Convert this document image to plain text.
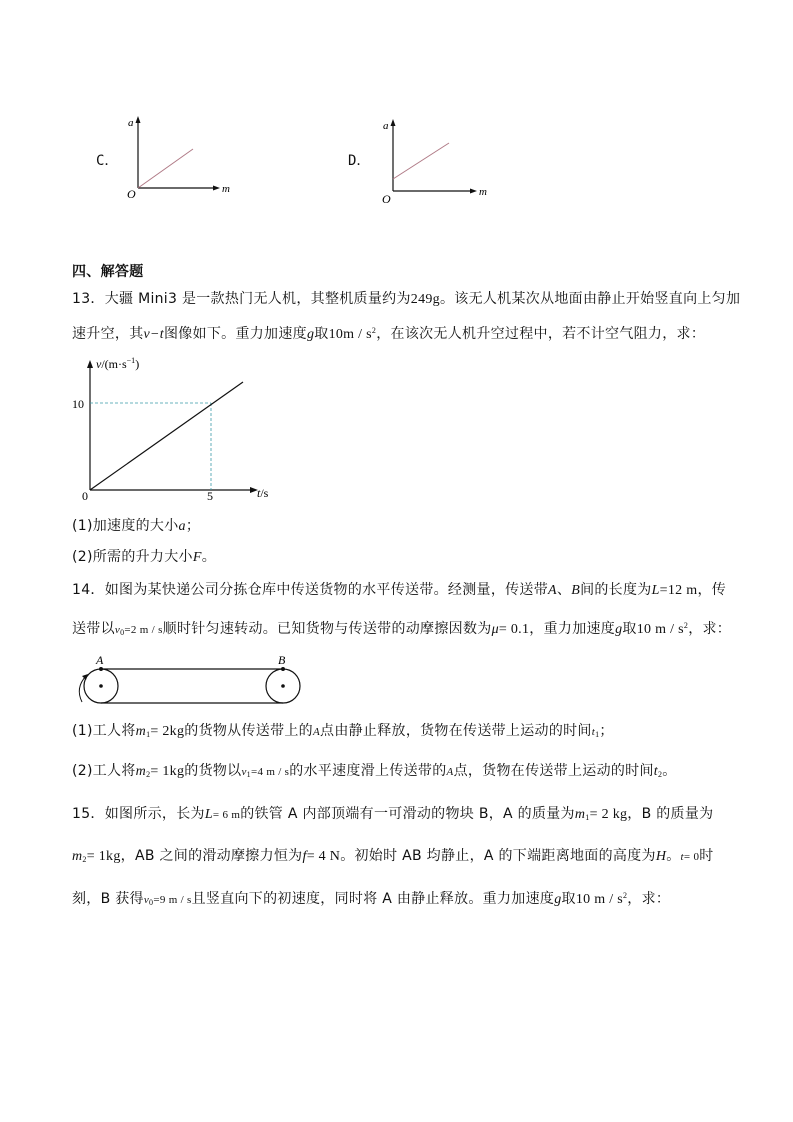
C．
a
m
O
D．
a
m
O
四、解答题
13．大疆 Mini3 是一款热门无人机，其整机质量约为249g。该无人机某次从地面由静止开始竖直向上匀加
速升空，其v−t图像如下。重力加速度g取$10m / s^2$，在该次无人机升空过程中，若不计空气阻力，求：
$v/(m\cdot s^{-1})$
10
0	5	t/s
(1)加速度的大小a；
(2)所需的升力大小F。
14．如图为某快递公司分拣仓库中传送货物的水平传送带。经测量，传送带A、B间的长度为L=12 m，传
送带以$v_0=2$ m / s顺时针匀速转动。已知货物与传送带的动摩擦因数为μ= 0.1，重力加速度g取10 m / $s^2$，求：
A	B
(1)工人将$m_1= 2kg$的货物从传送带上的A点由静止释放，货物在传送带上运动的时间$t_1$；
(2)工人将$m_2= 1kg$的货物以$v_1=4$ m / s的水平速度滑上传送带的A点，货物在传送带上运动的时间$t_2$。
15．如图所示，长为L= 6 m的铁管 A 内部顶端有一可滑动的物块 B，A 的质量为$m_1= 2$ kg，B 的质量为
$m_2= 1kg$，AB 之间的滑动摩擦力恒为f= 4 N。初始时 AB 均静止，A 的下端距离地面的高度为H。t= 0时
刻，B 获得$v_0=9$ m / s且竖直向下的初速度，同时将 A 由静止释放。重力加速度g取10 m / $s^2$，求：
